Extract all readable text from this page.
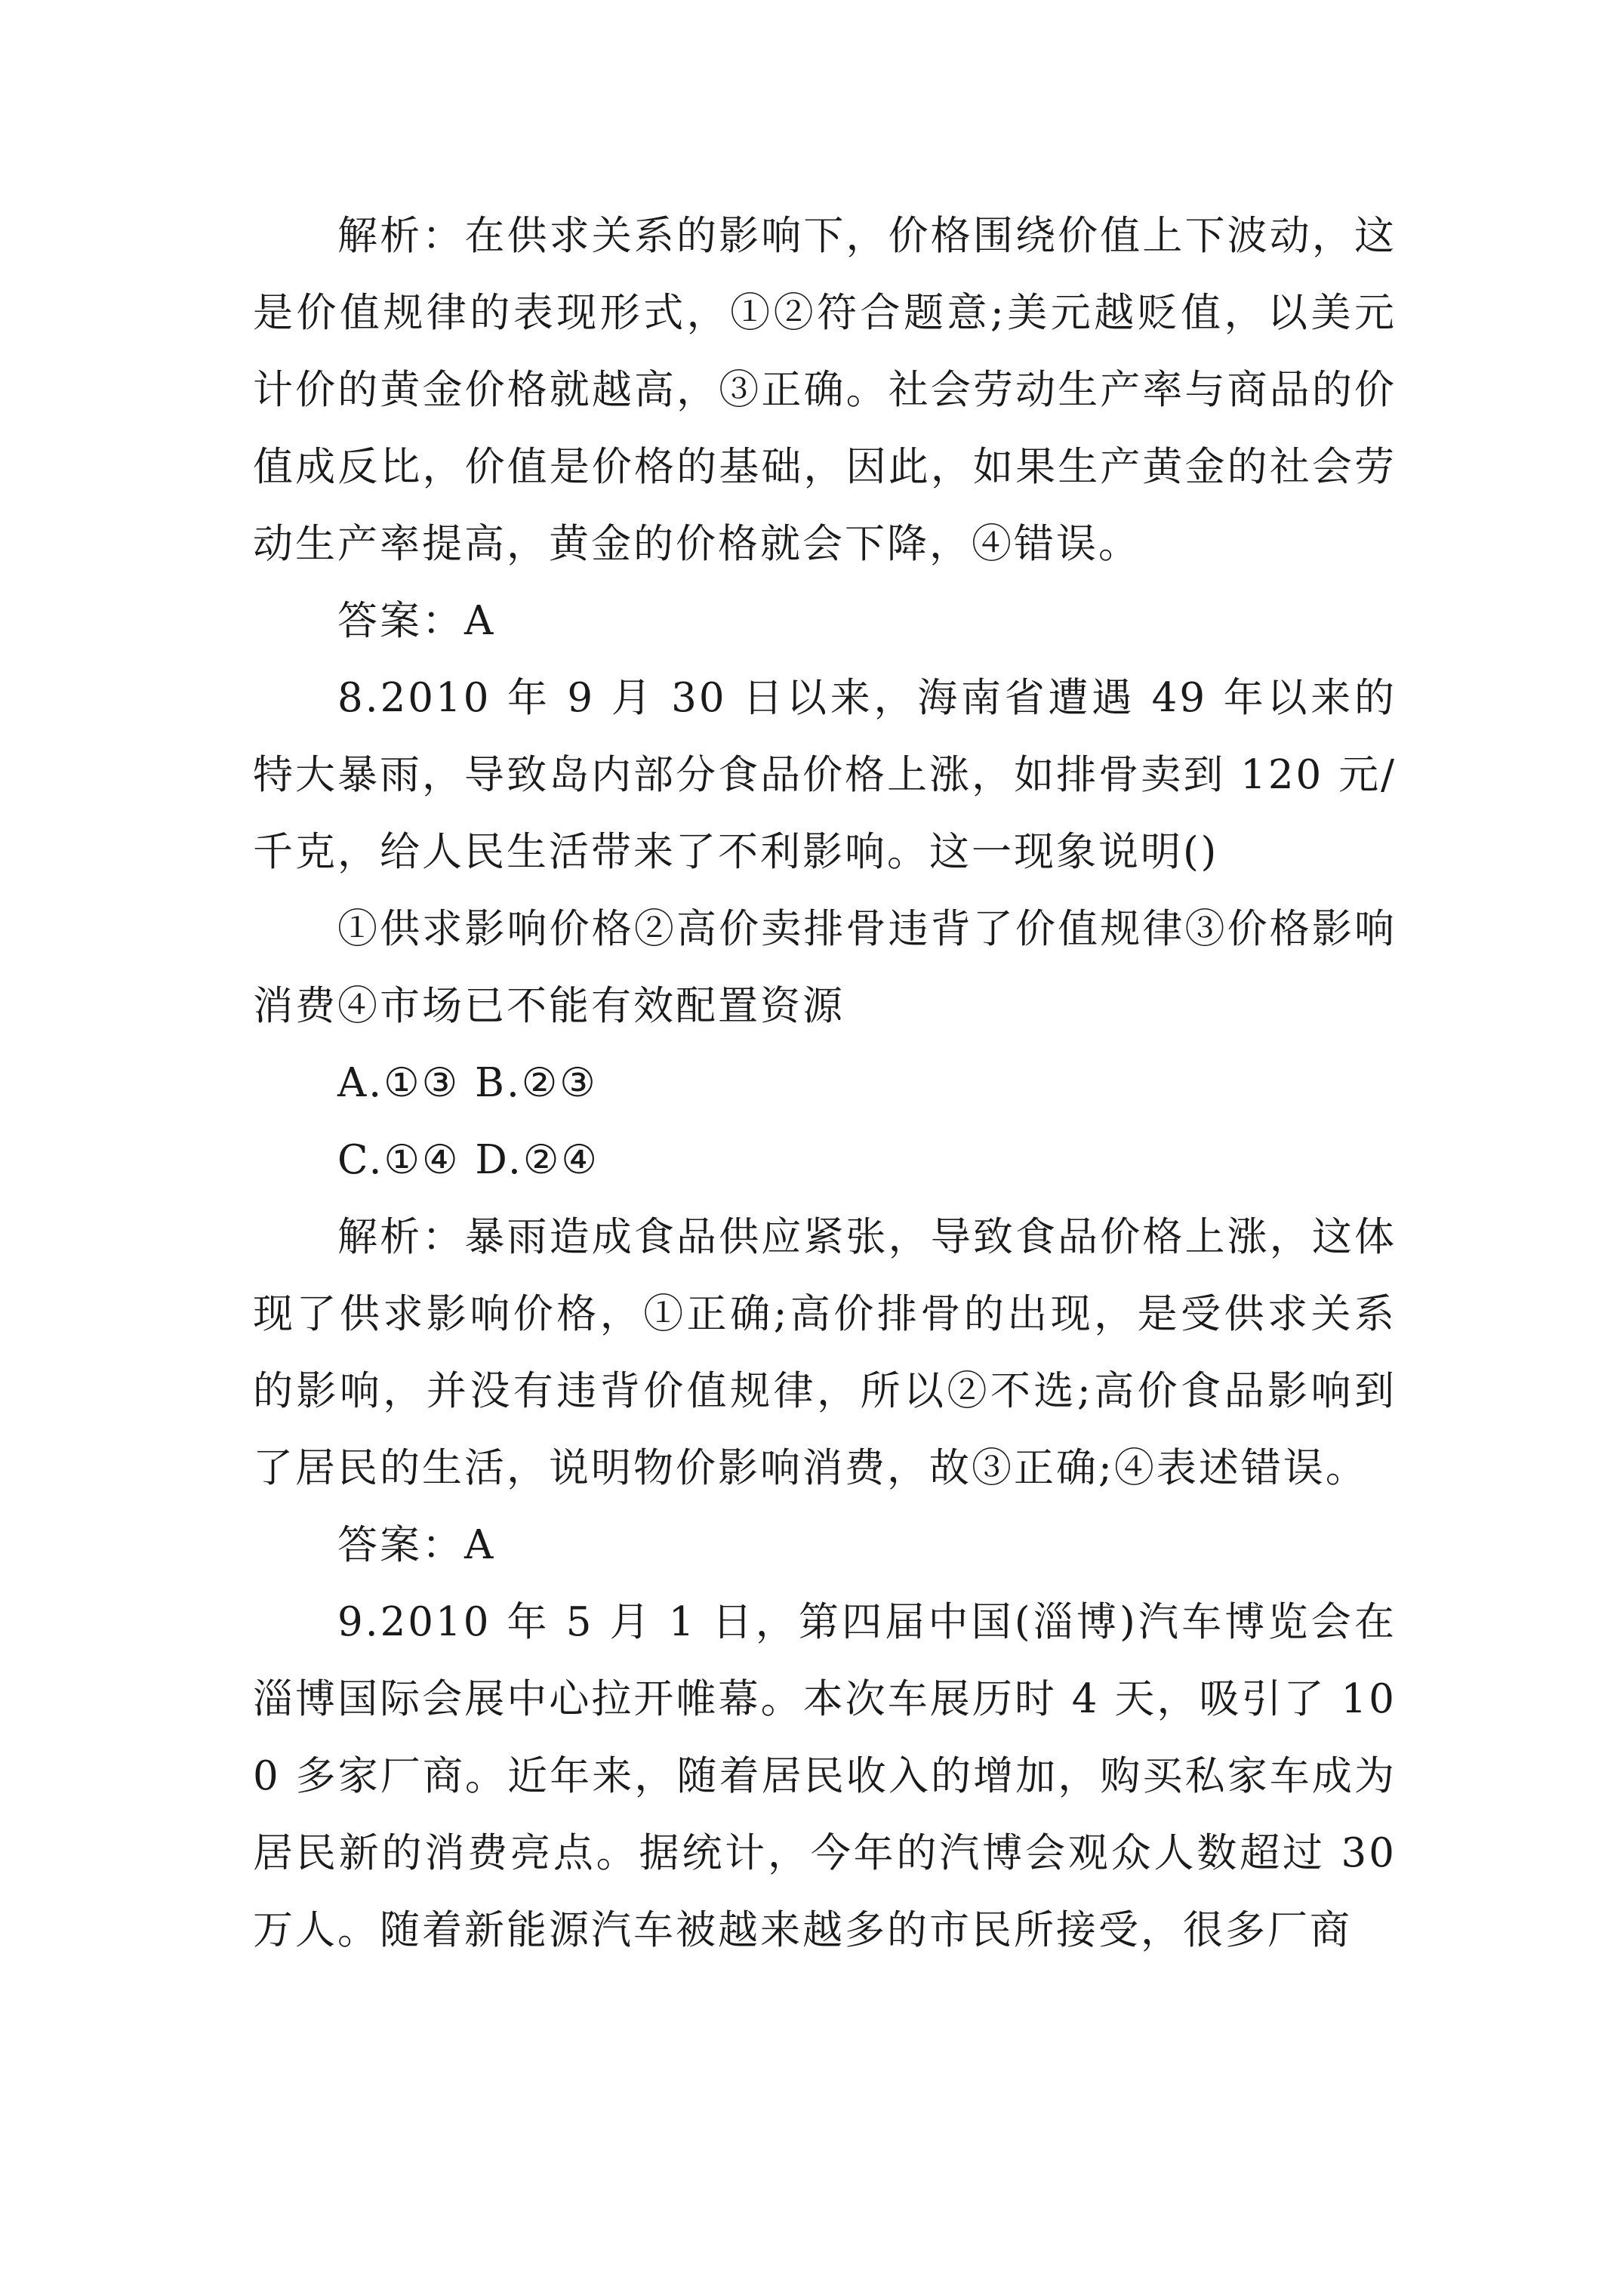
解析：在供求关系的影响下，价格围绕价值上下波动，这是价值规律的表现形式，①②符合题意;美元越贬值，以美元计价的黄金价格就越高，③正确。社会劳动生产率与商品的价值成反比，价值是价格的基础，因此，如果生产黄金的社会劳动生产率提高，黄金的价格就会下降，④错误。

答案：A

8.2010 年 9 月 30 日以来，海南省遭遇 49 年以来的特大暴雨，导致岛内部分食品价格上涨，如排骨卖到 120 元/千克，给人民生活带来了不利影响。这一现象说明()

①供求影响价格②高价卖排骨违背了价值规律③价格影响消费④市场已不能有效配置资源

A.①③ B.②③

C.①④ D.②④

解析：暴雨造成食品供应紧张，导致食品价格上涨，这体现了供求影响价格，①正确;高价排骨的出现，是受供求关系的影响，并没有违背价值规律，所以②不选;高价食品影响到了居民的生活，说明物价影响消费，故③正确;④表述错误。

答案：A

9.2010 年 5 月 1 日，第四届中国(淄博)汽车博览会在淄博国际会展中心拉开帷幕。本次车展历时 4 天，吸引了 100 多家厂商。近年来，随着居民收入的增加，购买私家车成为居民新的消费亮点。据统计，今年的汽博会观众人数超过 30 万人。随着新能源汽车被越来越多的市民所接受，很多厂商
